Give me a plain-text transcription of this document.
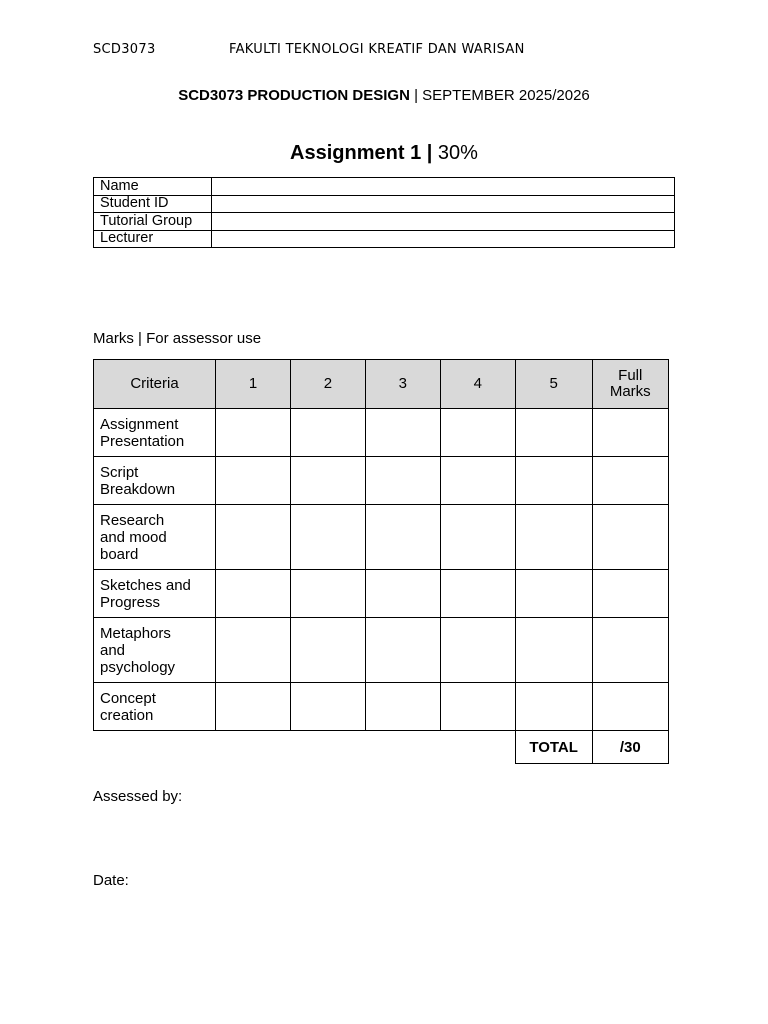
SCD3073	FAKULTI TEKNOLOGI KREATIF DAN WARISAN
SCD3073 PRODUCTION DESIGN | SEPTEMBER 2025/2026
Assignment 1 | 30%
Name	
Student ID	
Tutorial Group	
Lecturer	
Marks | For assessor use
Criteria	1	2	3	4	5	Full Marks
Assignment Presentation						
Script Breakdown						
Research and mood board						
Sketches and Progress						
Metaphors and psychology						
Concept creation						
					TOTAL	/30
Assessed by:
Date:
